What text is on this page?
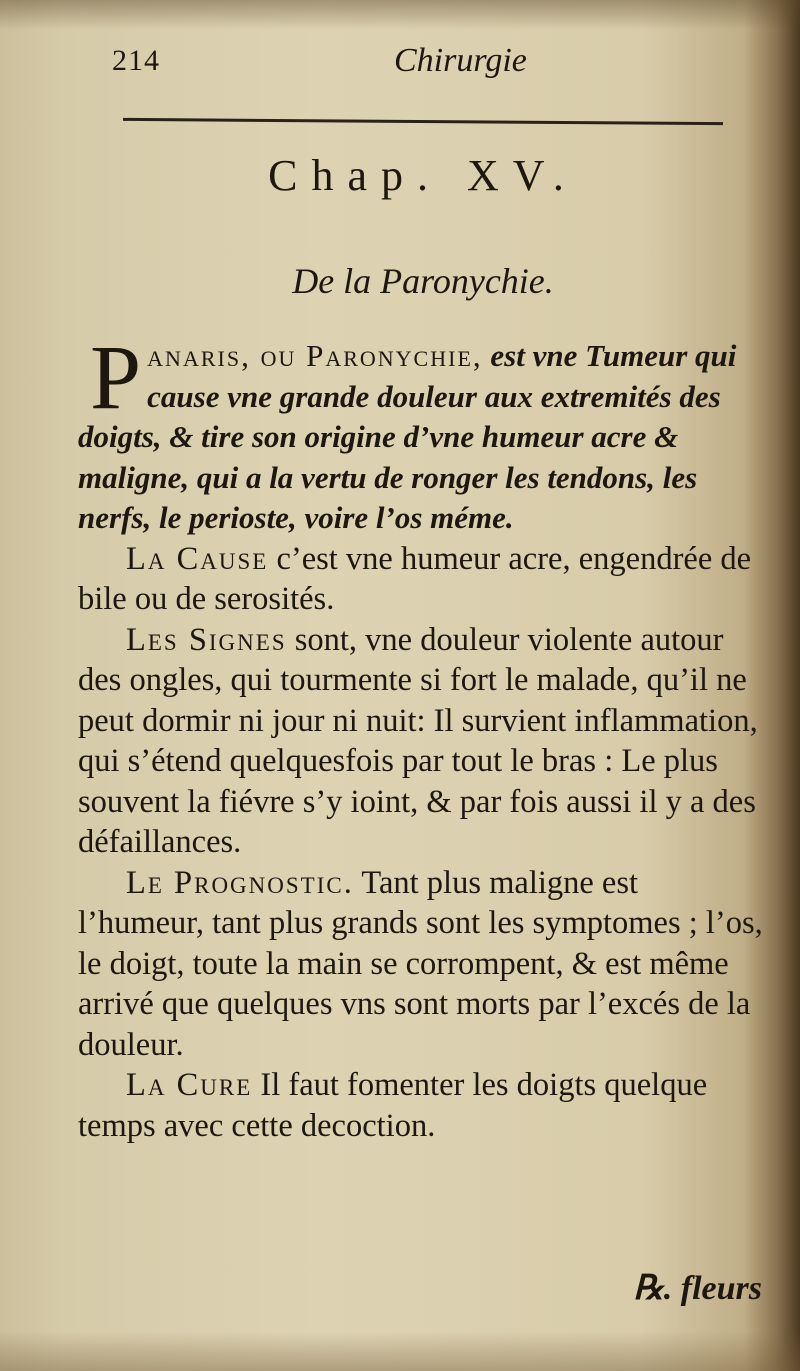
214	Chirurgie
Chap. XV.
De la Paronychie.

Panaris, ou Paronychie, est vne Tumeur qui cause vne grande douleur aux extremités des doigts, & tire son origine d’vne humeur acre & maligne, qui a la vertu de ronger les tendons, les nerfs, le perioste, voire l’os méme.

La Cause c’est vne humeur acre, engendrée de bile ou de serosités.

Les Signes sont, vne douleur violente autour des ongles, qui tourmente si fort le malade, qu’il ne peut dormir ni jour ni nuit: Il survient inflammation, qui s’étend quelquesfois par tout le bras : Le plus souvent la fiévre s’y ioint, & par fois aussi il y a des défaillances.

Le Prognostic. Tant plus maligne est l’humeur, tant plus grands sont les symptomes ; l’os, le doigt, toute la main se corrompent, & est même arrivé que quelques vns sont morts par l’excés de la douleur.

La Cure Il faut fomenter les doigts quelque temps avec cette decoction.

℞. fleurs
